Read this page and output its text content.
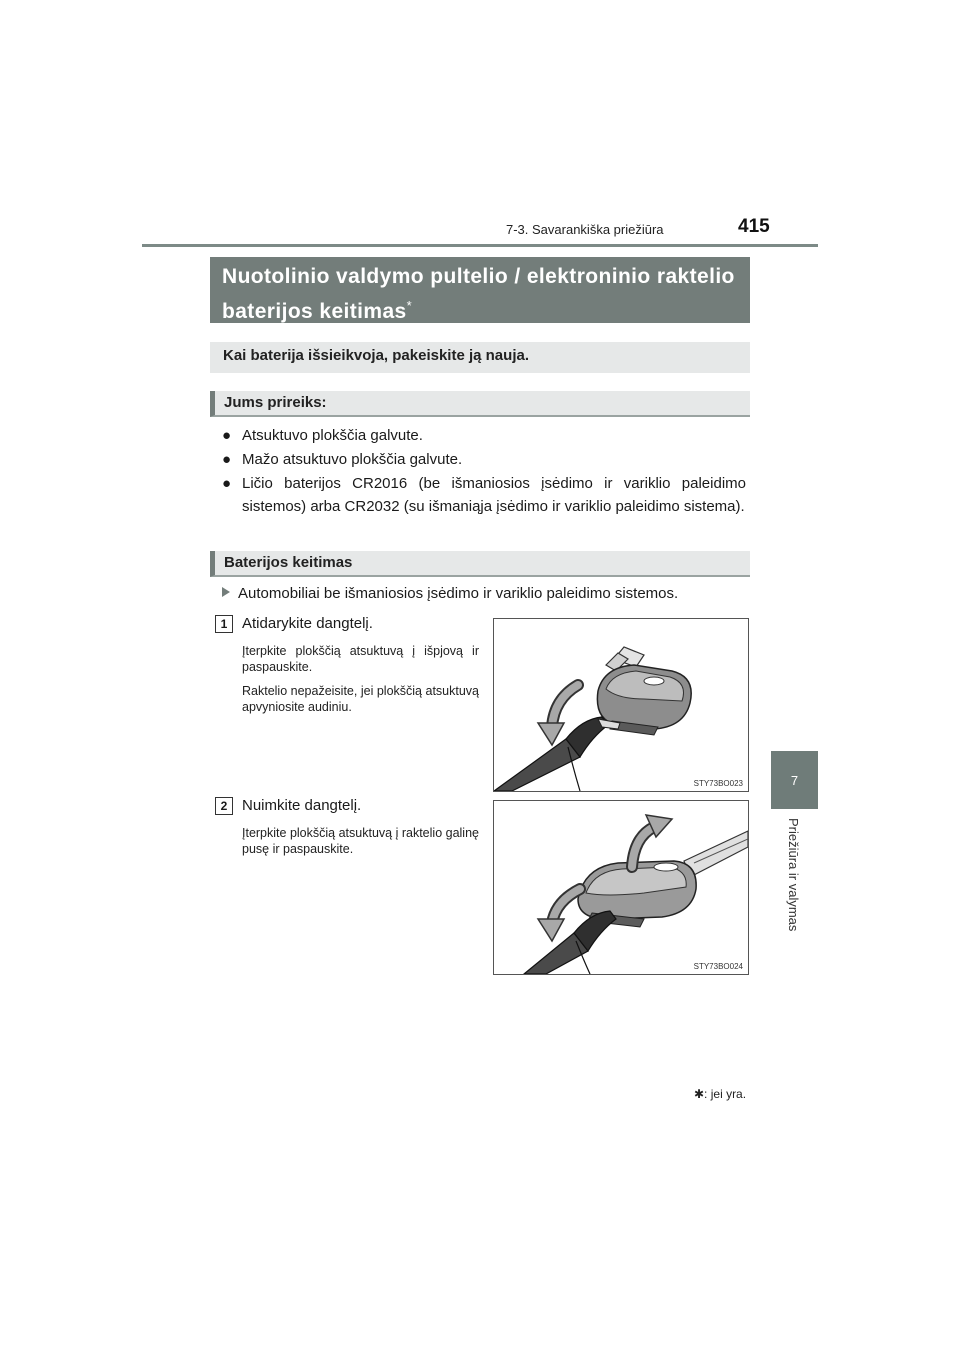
7-3. Savarankiška priežiūra	415
7
Priežiūra ir valymas
Nuotolinio valdymo pultelio / elektroninio raktelio baterijos keitimas*
Kai baterija išsieikvoja, pakeiskite ją nauja.
Jums prireiks:
● Atsuktuvo plokščia galvute.
● Mažo atsuktuvo plokščia galvute.
● Ličio baterijos CR2016 (be išmaniosios įsėdimo ir variklio paleidimo sistemos) arba CR2032 (su išmaniąja įsėdimo ir variklio paleidimo sistema).
Baterijos keitimas
Automobiliai be išmaniosios įsėdimo ir variklio paleidimo sistemos.
1 Atidarykite dangtelį.
Įterpkite plokščią atsuktuvą į išpjovą ir paspauskite.
Raktelio nepažeisite, jei plokščią atsuktuvą apvyniosite audiniu.
STY73BO023
2 Nuimkite dangtelį.
Įterpkite plokščią atsuktuvą į raktelio galinę pusę ir paspauskite.
STY73BO024
✱: jei yra.
